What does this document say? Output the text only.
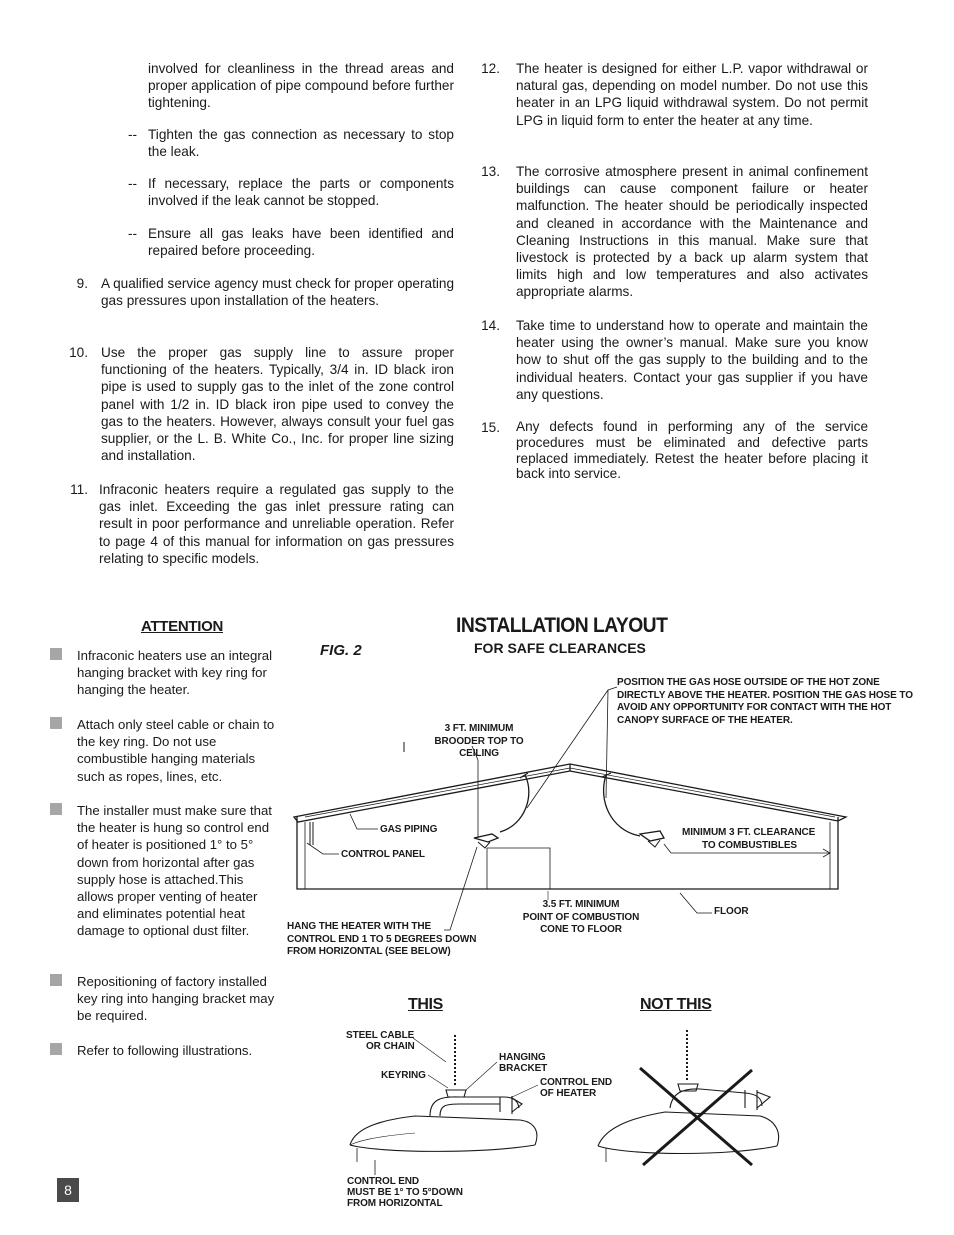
involved for cleanliness in the thread areas and proper application of pipe compound before further tightening.

-- Tighten the gas connection as necessary to stop the leak.

-- If necessary, replace the parts or components involved if the leak cannot be stopped.

-- Ensure all gas leaks have been identified and repaired before proceeding.

9. A qualified service agency must check for proper operating gas pressures upon installation of the heaters.

10. Use the proper gas supply line to assure proper functioning of the heaters. Typically, 3/4 in. ID black iron pipe is used to supply gas to the inlet of the zone control panel with 1/2 in. ID black iron pipe used to convey the gas to the heaters. However, always consult your fuel gas supplier, or the L. B. White Co., Inc. for proper line sizing and installation.

11. Infraconic heaters require a regulated gas supply to the gas inlet. Exceeding the gas inlet pressure rating can result in poor performance and unreliable operation. Refer to page 4 of this manual for information on gas pressures relating to specific models.

12. The heater is designed for either L.P. vapor withdrawal or natural gas, depending on model number. Do not use this heater in an LPG liquid withdrawal system. Do not permit LPG in liquid form to enter the heater at any time.

13. The corrosive atmosphere present in animal confinement buildings can cause component failure or heater malfunction. The heater should be periodically inspected and cleaned in accordance with the Maintenance and Cleaning Instructions in this manual. Make sure that livestock is protected by a back up alarm system that limits high and low temperatures and also activates appropriate alarms.

14. Take time to understand how to operate and maintain the heater using the owner’s manual. Make sure you know how to shut off the gas supply to the building and to the individual heaters. Contact your gas supplier if you have any questions.

15. Any defects found in performing any of the service procedures must be eliminated and defective parts replaced immediately. Retest the heater before placing it back into service.

ATTENTION
Infraconic heaters use an integral hanging bracket with key ring for hanging the heater.
Attach only steel cable or chain to the key ring. Do not use combustible hanging materials such as ropes, lines, etc.
The installer must make sure that the heater is hung so control end of heater is positioned 1° to 5° down from horizontal after gas supply hose is attached.This allows proper venting of heater and eliminates potential heat damage to optional dust filter.
Repositioning of factory installed key ring into hanging bracket may be required.
Refer to following illustrations.
FIG. 2
INSTALLATION LAYOUT
FOR SAFE CLEARANCES
POSITION THE GAS HOSE OUTSIDE OF THE HOT ZONE
DIRECTLY ABOVE THE HEATER. POSITION THE GAS HOSE TO
AVOID ANY OPPORTUNITY FOR CONTACT WITH THE HOT
CANOPY SURFACE OF THE HEATER.
3 FT. MINIMUM
BROODER TOP TO CEILING
GAS PIPING
CONTROL PANEL
MINIMUM 3 FT. CLEARANCE
TO COMBUSTIBLES
3.5 FT. MINIMUM
POINT OF COMBUSTION
CONE TO FLOOR
FLOOR
HANG THE HEATER WITH THE
CONTROL END 1 TO 5 DEGREES DOWN
FROM HORIZONTAL (SEE BELOW)
THIS	NOT THIS
STEEL CABLE
OR CHAIN
KEYRING
HANGING
BRACKET
CONTROL END
OF HEATER
CONTROL END
MUST BE 1° TO 5°DOWN
FROM HORIZONTAL
8
